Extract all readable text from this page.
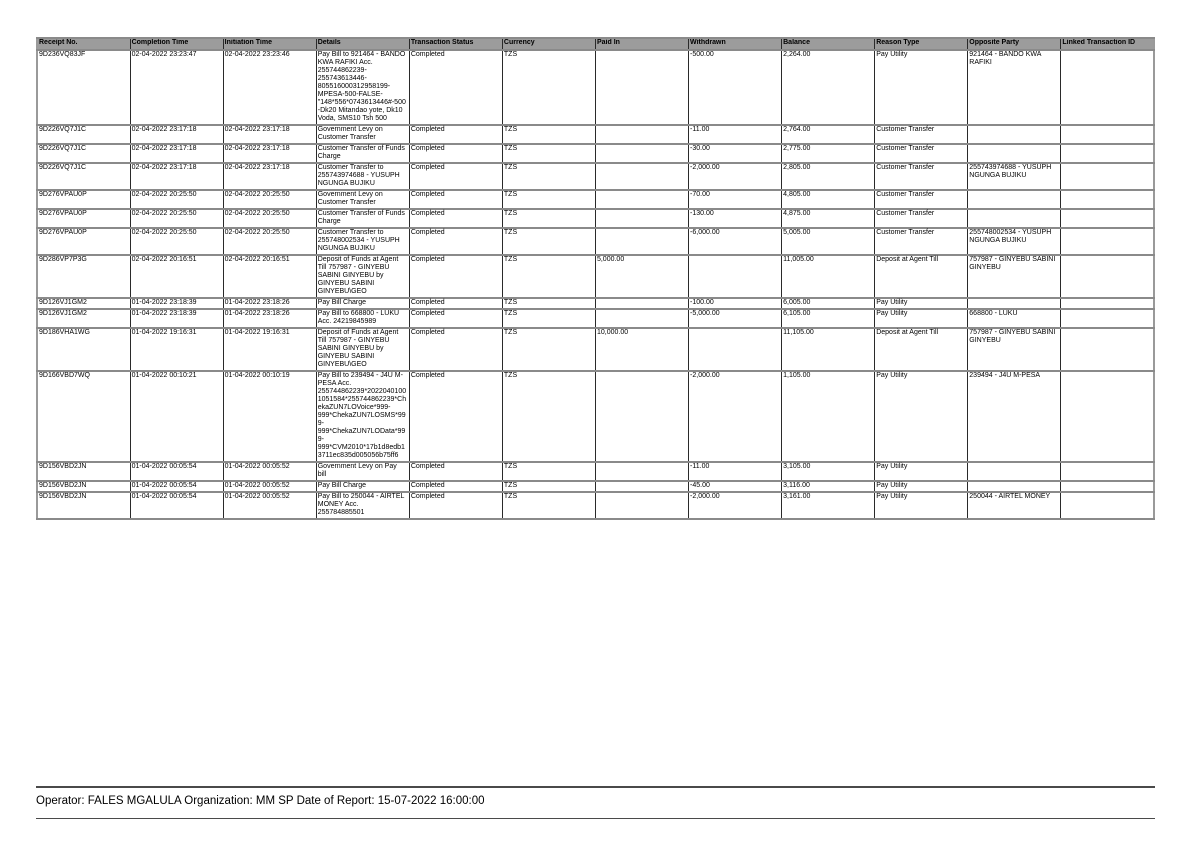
Receipt No.	Completion Time	Initiation Time	Details	Transaction Status	Currency	Paid In	Withdrawn	Balance	Reason Type	Opposite Party	Linked Transaction ID
9D236VQ83JF	02-04-2022 23:23:47	02-04-2022 23:23:46	Pay Bill to 921464 - BANDO KWA RAFIKI Acc. 255744862239-255743613446-805516000312958199-MPESA-500-FALSE-"148*556*0743613446#-500-Dk20 Mitandao yote, Dk10 Voda, SMS10 Tsh 500	Completed	TZS		-500.00	2,264.00	Pay Utility	921464 - BANDO KWA RAFIKI	
9D226VQ7J1C	02-04-2022 23:17:18	02-04-2022 23:17:18	Government Levy on Customer Transfer	Completed	TZS		-11.00	2,764.00	Customer Transfer		
9D226VQ7J1C	02-04-2022 23:17:18	02-04-2022 23:17:18	Customer Transfer of Funds Charge	Completed	TZS		-30.00	2,775.00	Customer Transfer		
9D226VQ7J1C	02-04-2022 23:17:18	02-04-2022 23:17:18	Customer Transfer to 255743974688 - YUSUPH NGUNGA BUJIKU	Completed	TZS		-2,000.00	2,805.00	Customer Transfer	255743974688 - YUSUPH NGUNGA BUJIKU	
9D276VPAU0P	02-04-2022 20:25:50	02-04-2022 20:25:50	Government Levy on Customer Transfer	Completed	TZS		-70.00	4,805.00	Customer Transfer		
9D276VPAU0P	02-04-2022 20:25:50	02-04-2022 20:25:50	Customer Transfer of Funds Charge	Completed	TZS		-130.00	4,875.00	Customer Transfer		
9D276VPAU0P	02-04-2022 20:25:50	02-04-2022 20:25:50	Customer Transfer to 255748002534 - YUSUPH NGUNGA BUJIKU	Completed	TZS		-6,000.00	5,005.00	Customer Transfer	255748002534 - YUSUPH NGUNGA BUJIKU	
9D286VP7P3G	02-04-2022 20:16:51	02-04-2022 20:16:51	Deposit of Funds at Agent Till 757987 - GINYEBU SABINI GINYEBU by GINYEBU SABINI GINYEBU\GEO	Completed	TZS	5,000.00		11,005.00	Deposit at Agent Till	757987 - GINYEBU SABINI GINYEBU	
9D126VJ1GM2	01-04-2022 23:18:39	01-04-2022 23:18:26	Pay Bill Charge	Completed	TZS		-100.00	6,005.00	Pay Utility		
9D126VJ1GM2	01-04-2022 23:18:39	01-04-2022 23:18:26	Pay Bill to 668800 - LUKU Acc. 24219845989	Completed	TZS		-5,000.00	6,105.00	Pay Utility	668800 - LUKU	
9D186VHA1WG	01-04-2022 19:16:31	01-04-2022 19:16:31	Deposit of Funds at Agent Till 757987 - GINYEBU SABINI GINYEBU by GINYEBU SABINI GINYEBU\GEO	Completed	TZS	10,000.00		11,105.00	Deposit at Agent Till	757987 - GINYEBU SABINI GINYEBU	
9D166VBD7WQ	01-04-2022 00:10:21	01-04-2022 00:10:19	Pay Bill to 239494 - J4U M-PESA Acc. 255744862239*20220401001051584*255744862239*ChekaZUN7LOVoice*999-999*ChekaZUN7LOSMS*999-999*ChekaZUN7LOData*999-999*CVM2010*17b1d8edb13711ec835d005056b75ff6	Completed	TZS		-2,000.00	1,105.00	Pay Utility	239494 - J4U M-PESA	
9D156VBD2JN	01-04-2022 00:05:54	01-04-2022 00:05:52	Government Levy on Pay bill	Completed	TZS		-11.00	3,105.00	Pay Utility		
9D156VBD2JN	01-04-2022 00:05:54	01-04-2022 00:05:52	Pay Bill Charge	Completed	TZS		-45.00	3,116.00	Pay Utility		
9D156VBD2JN	01-04-2022 00:05:54	01-04-2022 00:05:52	Pay Bill to 250044 - AIRTEL MONEY Acc. 255784885501	Completed	TZS		-2,000.00	3,161.00	Pay Utility	250044 - AIRTEL MONEY	
Operator: FALES MGALULA Organization: MM SP Date of Report: 15-07-2022 16:00:00
